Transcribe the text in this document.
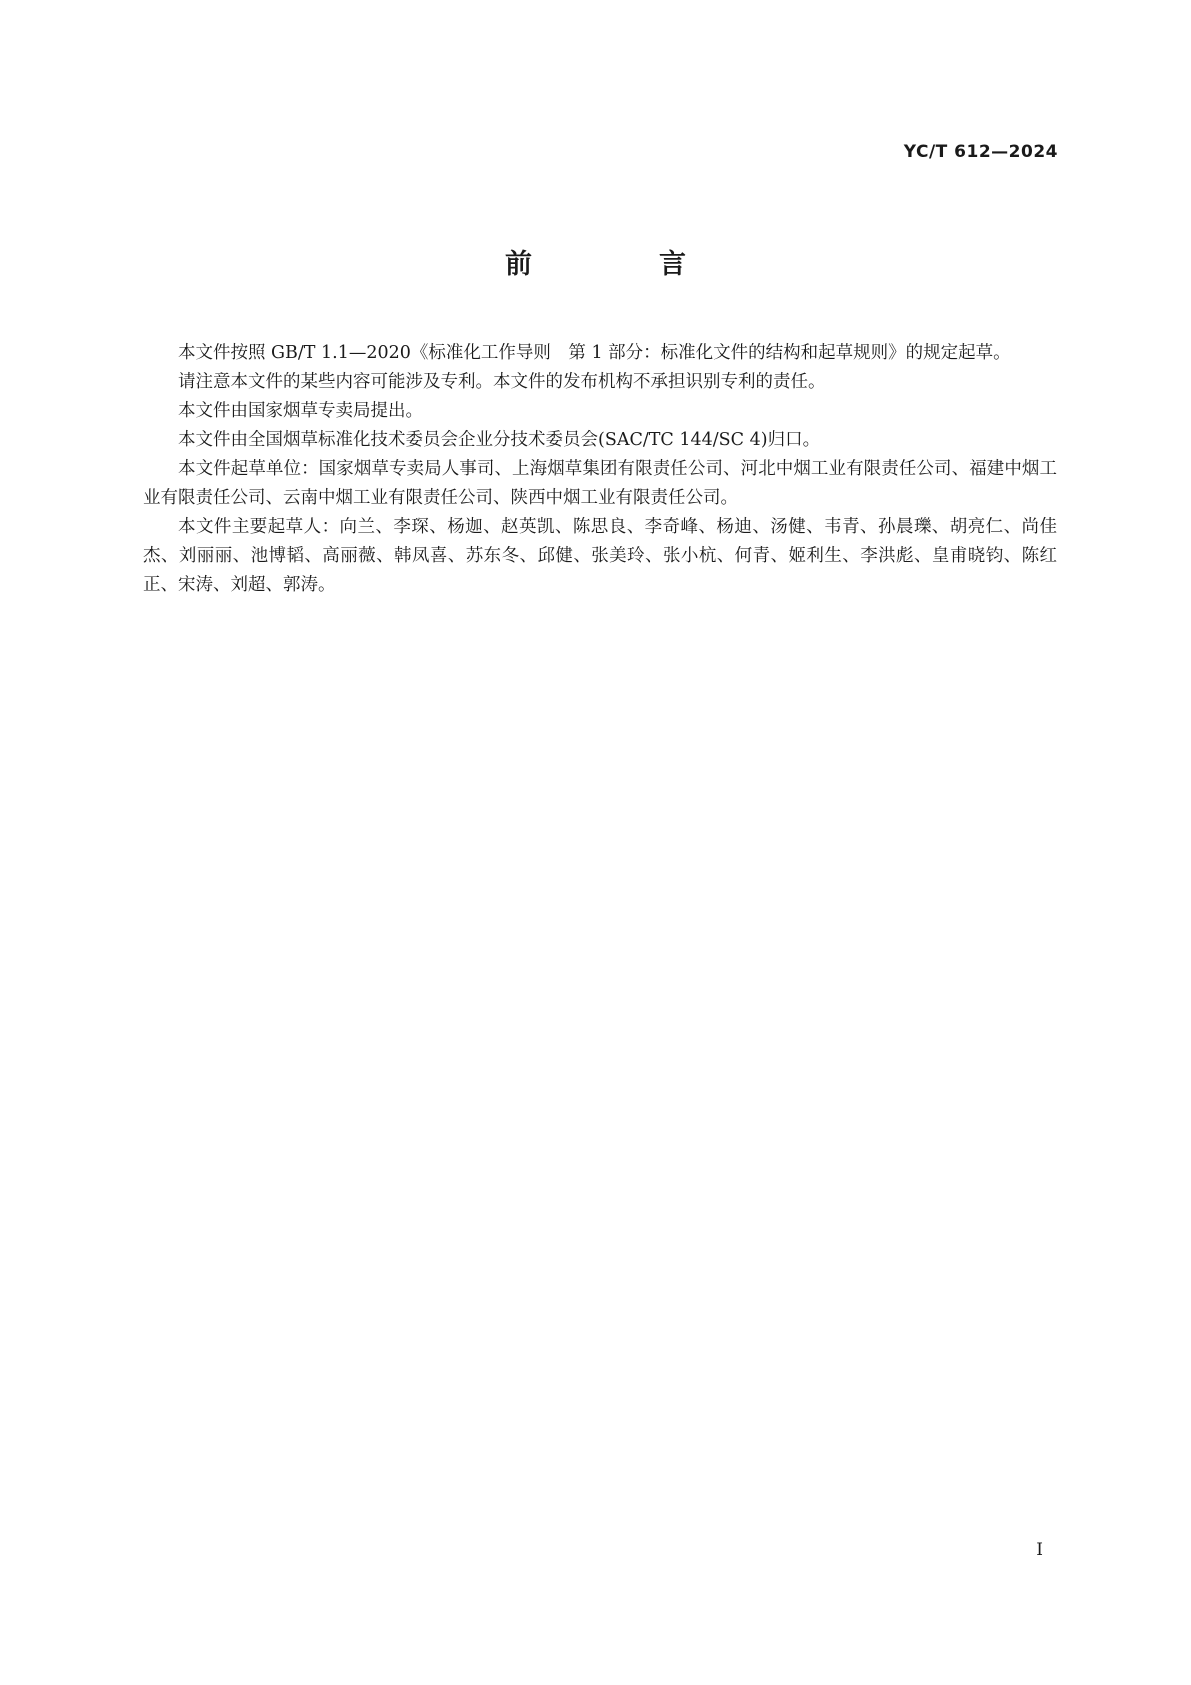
YC/T 612—2024
前　言

本文件按照 GB/T 1.1—2020《标准化工作导则　第 1 部分：标准化文件的结构和起草规则》的规定起草。

请注意本文件的某些内容可能涉及专利。本文件的发布机构不承担识别专利的责任。

本文件由国家烟草专卖局提出。

本文件由全国烟草标准化技术委员会企业分技术委员会(SAC/TC 144/SC 4)归口。

本文件起草单位：国家烟草专卖局人事司、上海烟草集团有限责任公司、河北中烟工业有限责任公司、福建中烟工业有限责任公司、云南中烟工业有限责任公司、陕西中烟工业有限责任公司。

本文件主要起草人：向兰、李琛、杨迦、赵英凯、陈思良、李奇峰、杨迪、汤健、韦青、孙晨瓅、胡亮仁、尚佳杰、刘丽丽、池博韬、高丽薇、韩凤喜、苏东冬、邱健、张美玲、张小杭、何青、姬利生、李洪彪、皇甫晓钧、陈红正、宋涛、刘超、郭涛。

I
